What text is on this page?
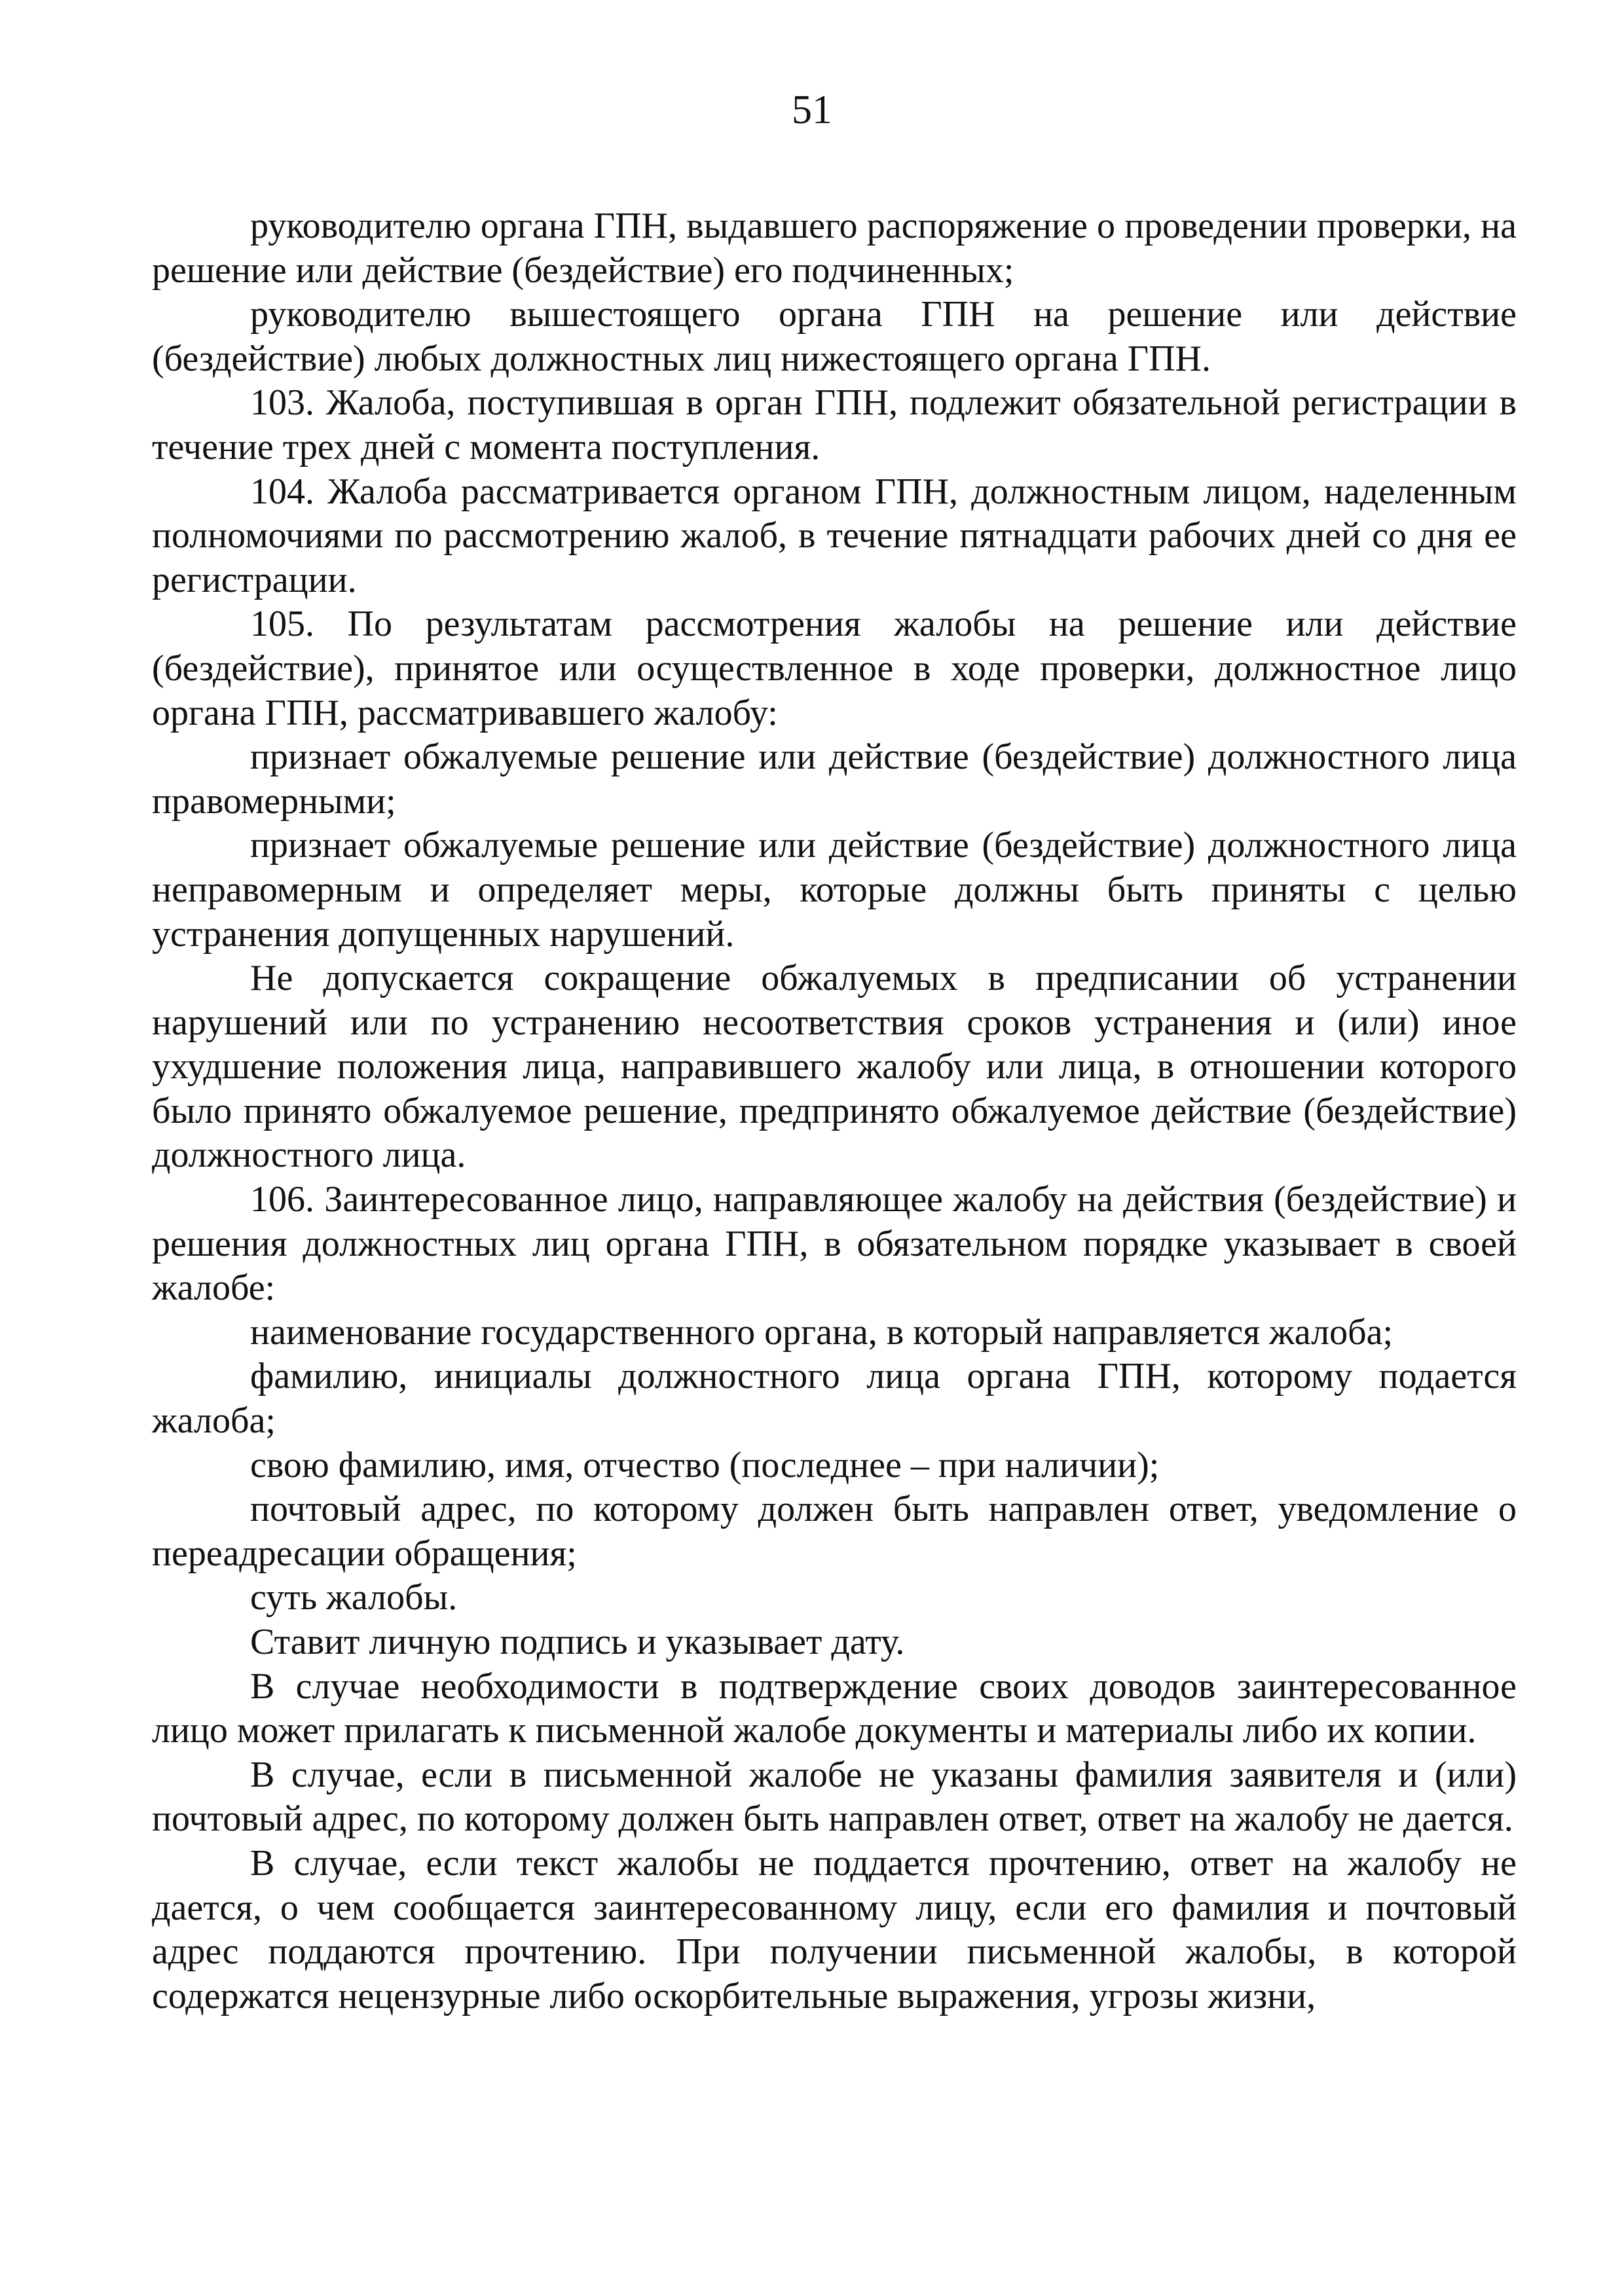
51

руководителю органа ГПН, выдавшего распоряжение о проведении проверки, на решение или действие (бездействие) его подчиненных;

руководителю вышестоящего органа ГПН на решение или действие (бездействие) любых должностных лиц нижестоящего органа ГПН.

103. Жалоба, поступившая в орган ГПН, подлежит обязательной регистрации в течение трех дней с момента поступления.

104. Жалоба рассматривается органом ГПН, должностным лицом, наделенным полномочиями по рассмотрению жалоб, в течение пятнадцати рабочих дней со дня ее регистрации.

105. По результатам рассмотрения жалобы на решение или действие (бездействие), принятое или осуществленное в ходе проверки, должностное лицо органа ГПН, рассматривавшего жалобу:

признает обжалуемые решение или действие (бездействие) должностного лица правомерными;

признает обжалуемые решение или действие (бездействие) должностного лица неправомерным и определяет меры, которые должны быть приняты с целью устранения допущенных нарушений.

Не допускается сокращение обжалуемых в предписании об устранении нарушений или по устранению несоответствия сроков устранения и (или) иное ухудшение положения лица, направившего жалобу или лица, в отношении которого было принято обжалуемое решение, предпринято обжалуемое действие (бездействие) должностного лица.

106. Заинтересованное лицо, направляющее жалобу на действия (бездействие) и решения должностных лиц органа ГПН, в обязательном порядке указывает в своей жалобе:

наименование государственного органа, в который направляется жалоба;

фамилию, инициалы должностного лица органа ГПН, которому подается жалоба;

свою фамилию, имя, отчество (последнее – при наличии);

почтовый адрес, по которому должен быть направлен ответ, уведомление о переадресации обращения;

суть жалобы.

Ставит личную подпись и указывает дату.

В случае необходимости в подтверждение своих доводов заинтересованное лицо может прилагать к письменной жалобе документы и материалы либо их копии.

В случае, если в письменной жалобе не указаны фамилия заявителя и (или) почтовый адрес, по которому должен быть направлен ответ, ответ на жалобу не дается.

В случае, если текст жалобы не поддается прочтению, ответ на жалобу не дается, о чем сообщается заинтересованному лицу, если его фамилия и почтовый адрес поддаются прочтению. При получении письменной жалобы, в которой содержатся нецензурные либо оскорбительные выражения, угрозы жизни,
